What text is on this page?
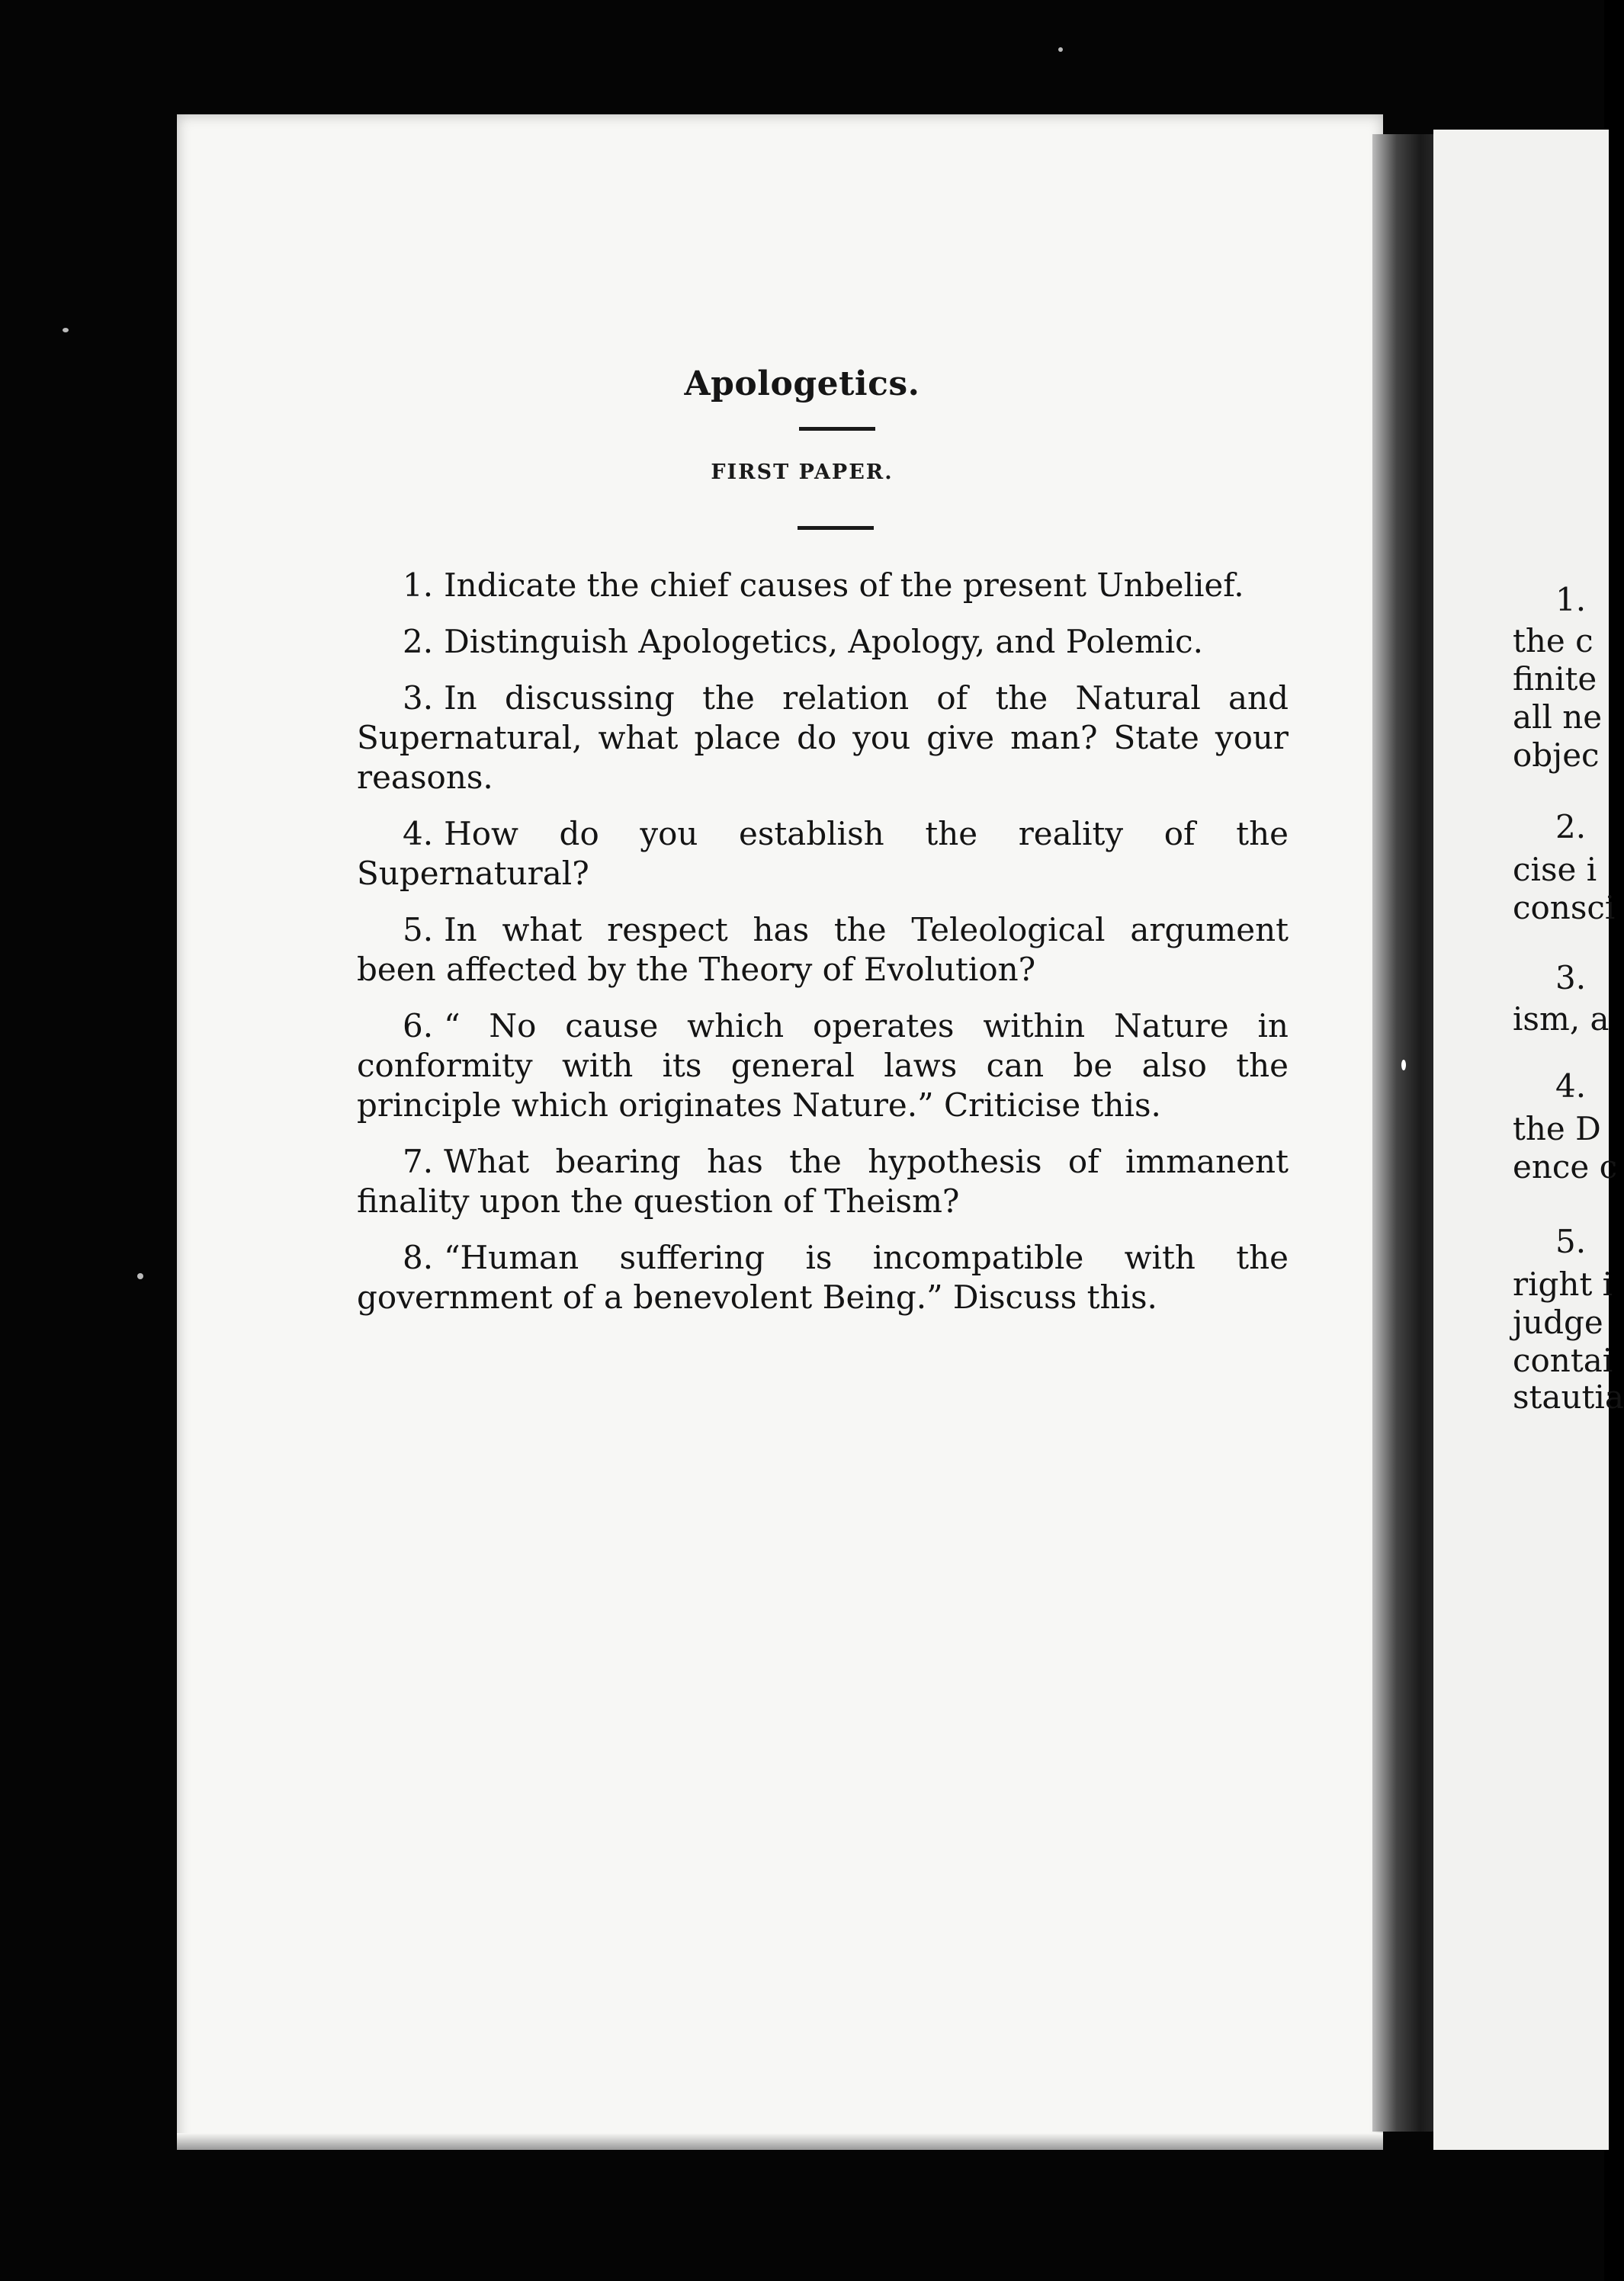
Apologetics.
FIRST PAPER.

1. Indicate the chief causes of the present Unbelief.

2. Distinguish Apologetics, Apology, and Polemic.

3. In discussing the relation of the Natural and Supernatural, what place do you give man? State your reasons.

4. How do you establish the reality of the Supernatural?

5. In what respect has the Teleological argument been affected by the Theory of Evolution?

6. “ No cause which operates within Nature in conformity with its general laws can be also the principle which originates Nature.” Criticise this.

7. What bearing has the hypothesis of immanent finality upon the question of Theism?

8. “Human suffering is incompatible with the government of a benevolent Being.” Discuss this.

1.
the c
finite
all ne
objec
2.
cise i
consci
3.
ism, a
4.
the D
ence c
5.
right i
judge
contai
stautia
